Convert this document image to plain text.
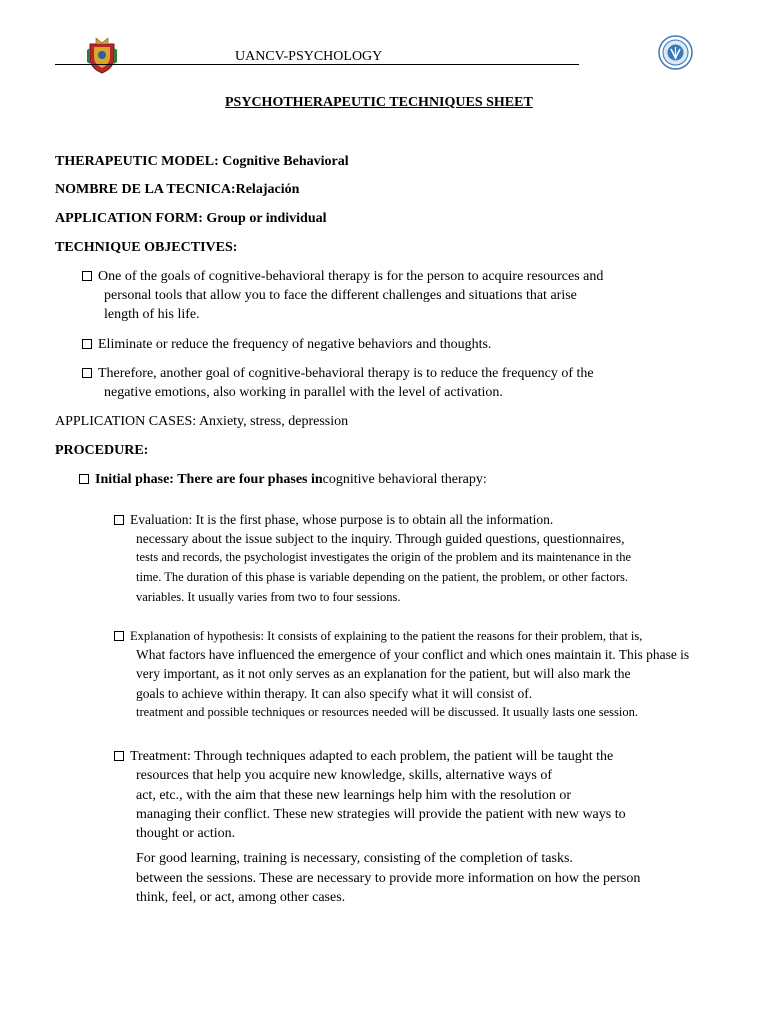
UANCV-PSYCHOLOGY
PSYCHOTHERAPEUTIC TECHNIQUES SHEET
THERAPEUTIC MODEL: Cognitive Behavioral
NOMBRE DE LA TECNICA:Relajación
APPLICATION FORM: Group or individual
TECHNIQUE OBJECTIVES:
One of the goals of cognitive-behavioral therapy is for the person to acquire resources and
personal tools that allow you to face the different challenges and situations that arise
length of his life.
Eliminate or reduce the frequency of negative behaviors and thoughts.
Therefore, another goal of cognitive-behavioral therapy is to reduce the frequency of the
negative emotions, also working in parallel with the level of activation.
APPLICATION CASES: Anxiety, stress, depression
PROCEDURE:
Initial phase: There are four phases incognitive behavioral therapy:
Evaluation: It is the first phase, whose purpose is to obtain all the information.
necessary about the issue subject to the inquiry. Through guided questions, questionnaires,
tests and records, the psychologist investigates the origin of the problem and its maintenance in the
time. The duration of this phase is variable depending on the patient, the problem, or other factors.
variables. It usually varies from two to four sessions.
Explanation of hypothesis: It consists of explaining to the patient the reasons for their problem, that is,
What factors have influenced the emergence of your conflict and which ones maintain it. This phase is
very important, as it not only serves as an explanation for the patient, but will also mark the
goals to achieve within therapy. It can also specify what it will consist of.
treatment and possible techniques or resources needed will be discussed. It usually lasts one session.
Treatment: Through techniques adapted to each problem, the patient will be taught the
resources that help you acquire new knowledge, skills, alternative ways of
act, etc., with the aim that these new learnings help him with the resolution or
managing their conflict. These new strategies will provide the patient with new ways to
thought or action.
For good learning, training is necessary, consisting of the completion of tasks.
between the sessions. These are necessary to provide more information on how the person
think, feel, or act, among other cases.
